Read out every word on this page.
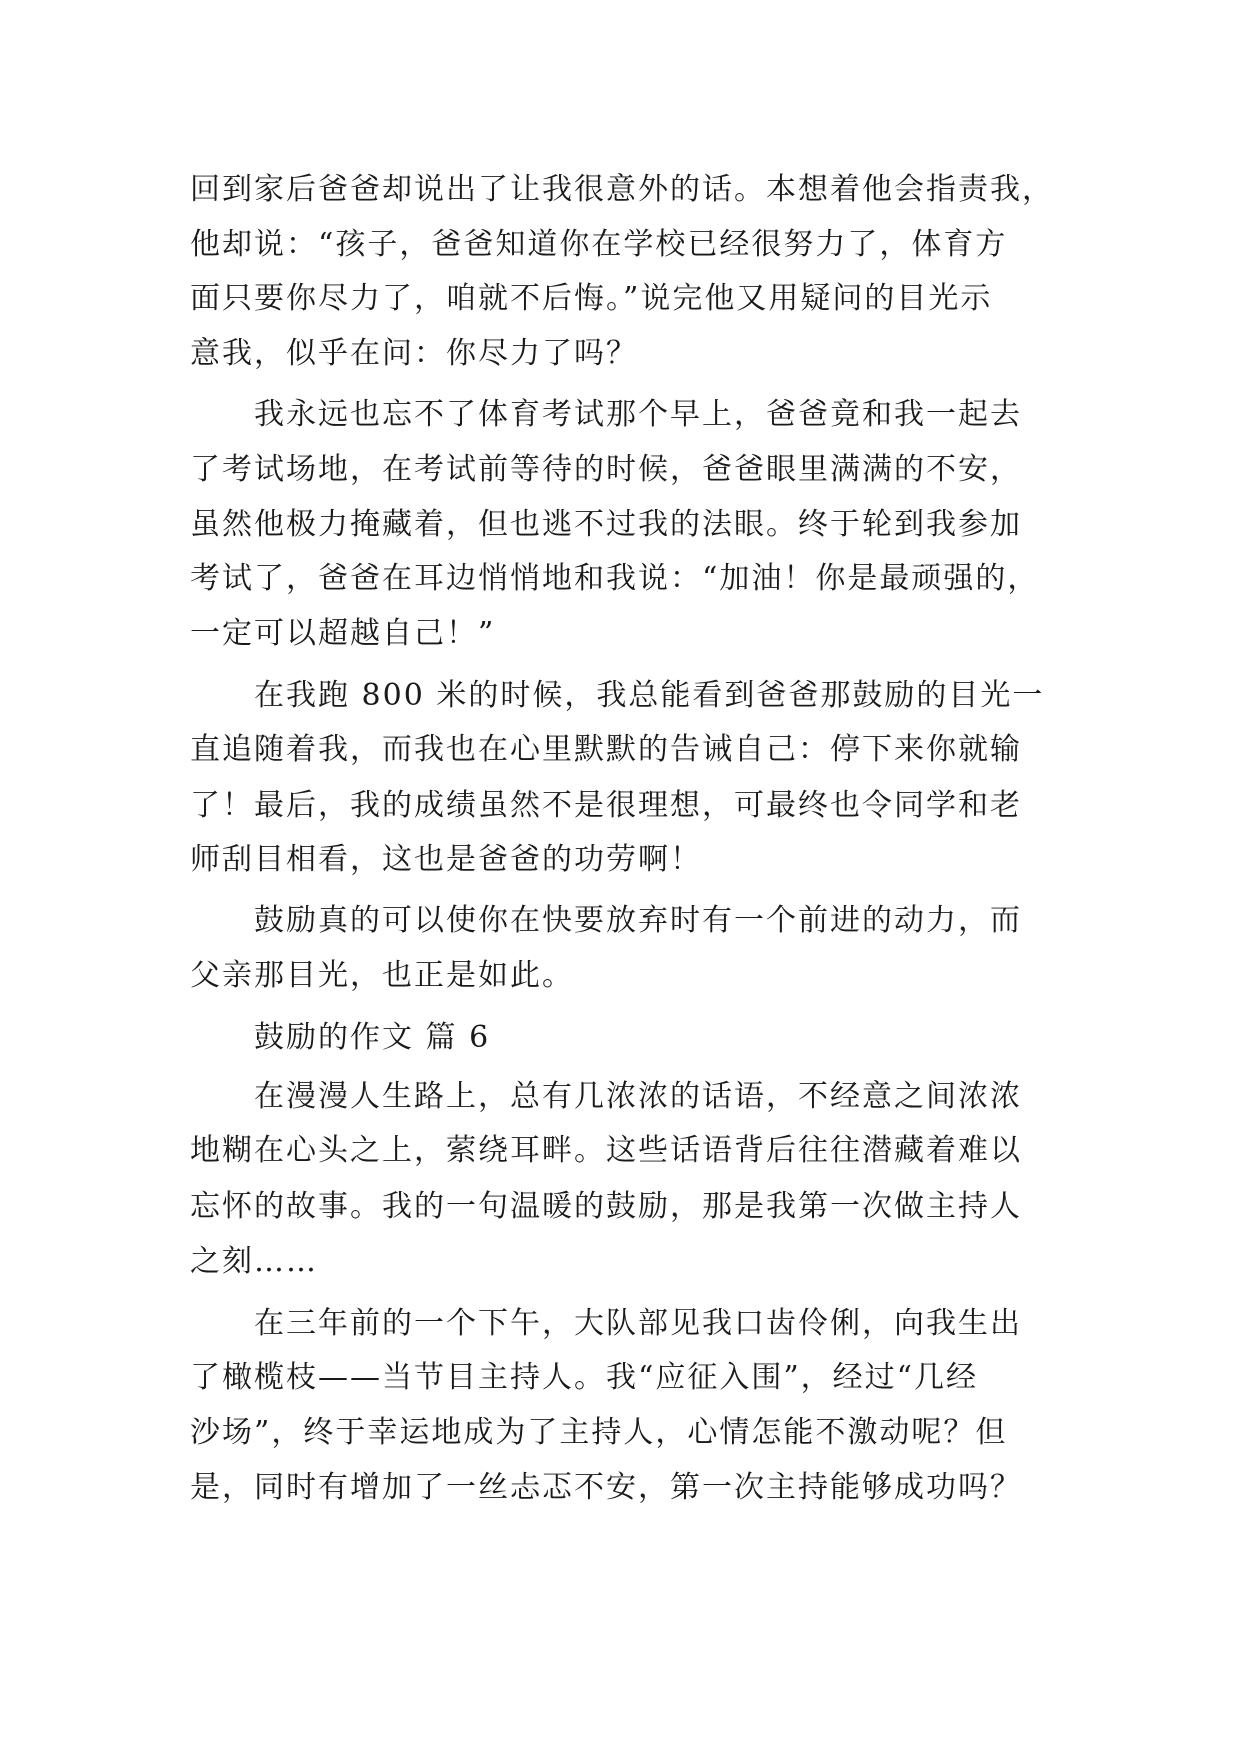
回到家后爸爸却说出了让我很意外的话。本想着他会指责我，
他却说：“孩子，爸爸知道你在学校已经很努力了，体育方
面只要你尽力了，咱就不后悔。”说完他又用疑问的目光示
意我，似乎在问：你尽力了吗？
我永远也忘不了体育考试那个早上，爸爸竟和我一起去
了考试场地，在考试前等待的时候，爸爸眼里满满的不安，
虽然他极力掩藏着，但也逃不过我的法眼。终于轮到我参加
考试了，爸爸在耳边悄悄地和我说：“加油！你是最顽强的，
一定可以超越自己！”
在我跑 800 米的时候，我总能看到爸爸那鼓励的目光一
直追随着我，而我也在心里默默的告诫自己：停下来你就输
了！最后，我的成绩虽然不是很理想，可最终也令同学和老
师刮目相看，这也是爸爸的功劳啊！
鼓励真的可以使你在快要放弃时有一个前进的动力，而
父亲那目光，也正是如此。
鼓励的作文 篇 6
在漫漫人生路上，总有几浓浓的话语，不经意之间浓浓
地糊在心头之上，萦绕耳畔。这些话语背后往往潜藏着难以
忘怀的故事。我的一句温暖的鼓励，那是我第一次做主持人
之刻……
在三年前的一个下午，大队部见我口齿伶俐，向我生出
了橄榄枝——当节目主持人。我“应征入围”，经过“几经
沙场”，终于幸运地成为了主持人，心情怎能不激动呢？但
是，同时有增加了一丝忐忑不安，第一次主持能够成功吗？
